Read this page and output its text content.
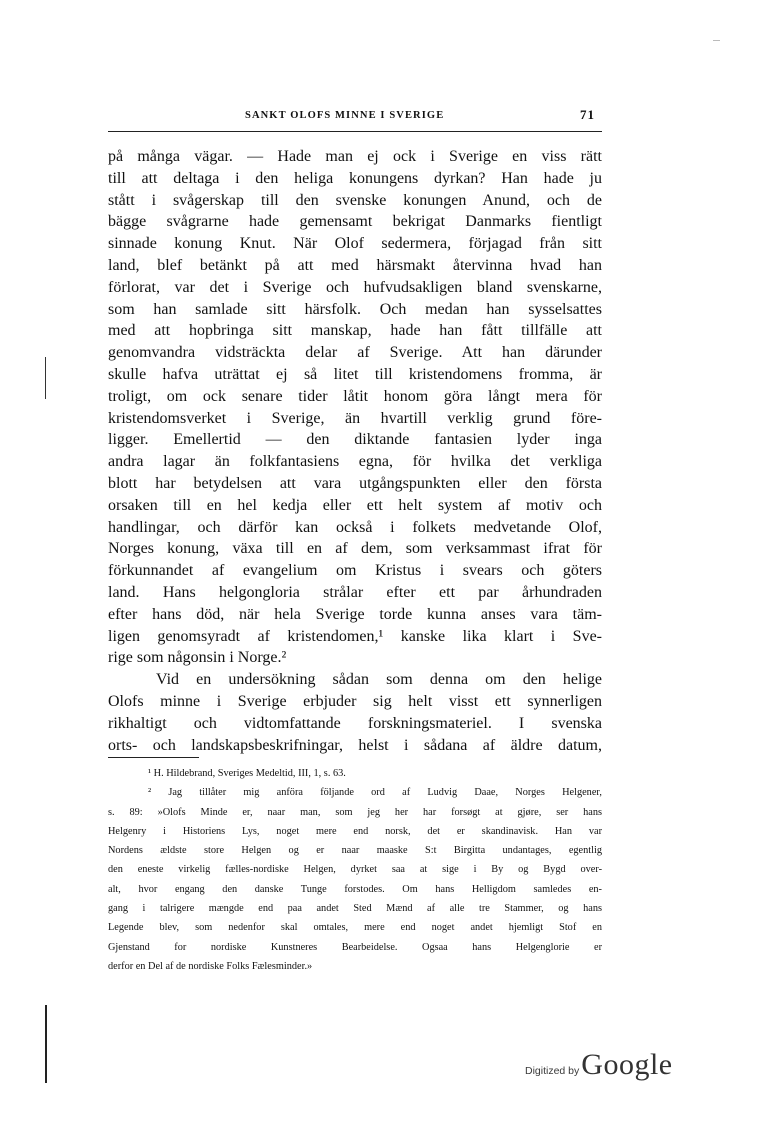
SANKT OLOFS MINNE I SVERIGE	71
på många vägar. — Hade man ej ock i Sverige en viss rätt
till att deltaga i den heliga konungens dyrkan? Han hade ju
stått i svågerskap till den svenske konungen Anund, och de
bägge svågrarne hade gemensamt bekrigat Danmarks fientligt
sinnade konung Knut. När Olof sedermera, förjagad från sitt
land, blef betänkt på att med härsmakt återvinna hvad han
förlorat, var det i Sverige och hufvudsakligen bland svenskarne,
som han samlade sitt härsfolk. Och medan han sysselsattes
med att hopbringa sitt manskap, hade han fått tillfälle att
genomvandra vidsträckta delar af Sverige. Att han därunder
skulle hafva uträttat ej så litet till kristendomens fromma, är
troligt, om ock senare tider låtit honom göra långt mera för
kristendomsverket i Sverige, än hvartill verklig grund före-
ligger. Emellertid — den diktande fantasien lyder inga
andra lagar än folkfantasiens egna, för hvilka det verkliga
blott har betydelsen att vara utgångspunkten eller den första
orsaken till en hel kedja eller ett helt system af motiv och
handlingar, och därför kan också i folkets medvetande Olof,
Norges konung, växa till en af dem, som verksammast ifrat för
förkunnandet af evangelium om Kristus i svears och göters
land. Hans helgongloria strålar efter ett par århundraden
efter hans död, när hela Sverige torde kunna anses vara täm-
ligen genomsyradt af kristendomen,¹ kanske lika klart i Sve-
rige som någonsin i Norge.²
Vid en undersökning sådan som denna om den helige
Olofs minne i Sverige erbjuder sig helt visst ett synnerligen
rikhaltigt och vidtomfattande forskningsmateriel. I svenska
orts- och landskapsbeskrifningar, helst i sådana af äldre datum,
¹ H. Hildebrand, Sveriges Medeltid, III, 1, s. 63.
² Jag tillåter mig anföra följande ord af Ludvig Daae, Norges Helgener,
s. 89: »Olofs Minde er, naar man, som jeg her har forsøgt at gjøre, ser hans
Helgenry i Historiens Lys, noget mere end norsk, det er skandinavisk. Han var
Nordens ældste store Helgen og er naar maaske S:t Birgitta undantages, egentlig
den eneste virkelig fælles-nordiske Helgen, dyrket saa at sige i By og Bygd over-
alt, hvor engang den danske Tunge forstodes. Om hans Helligdom samledes en-
gang i talrigere mængde end paa andet Sted Mænd af alle tre Stammer, og hans
Legende blev, som nedenfor skal omtales, mere end noget andet hjemligt Stof en
Gjenstand for nordiske Kunstneres Bearbeidelse. Ogsaa hans Helgenglorie er
derfor en Del af de nordiske Folks Fælesminder.»
Digitized by Google
